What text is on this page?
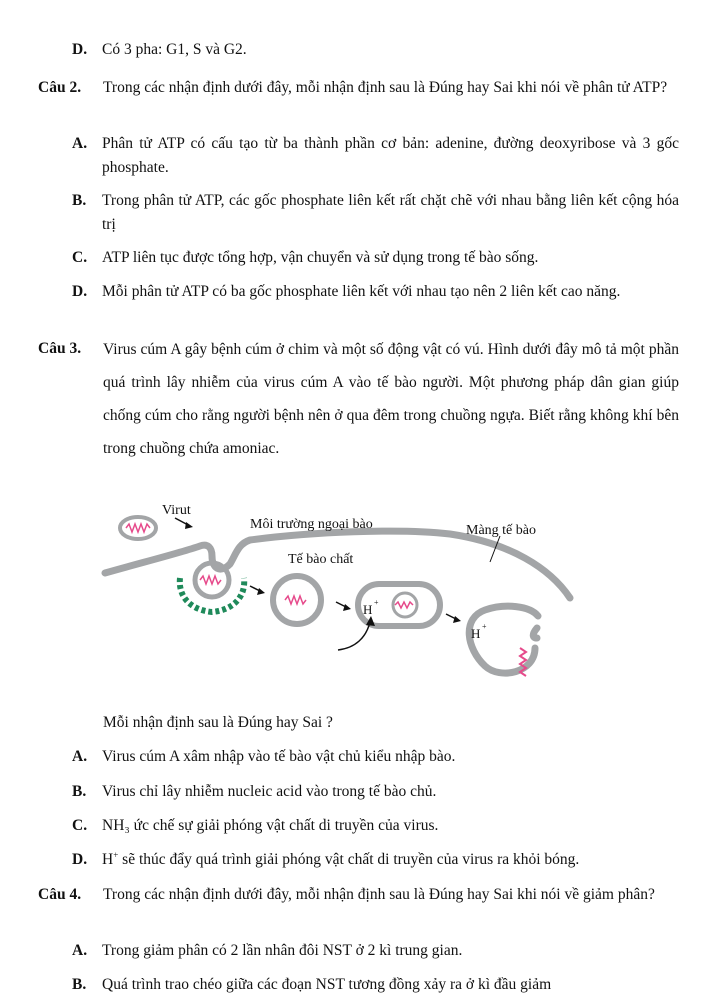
D. Có 3 pha: G1, S và G2.
Câu 2.	Trong các nhận định dưới đây, mỗi nhận định sau là Đúng hay Sai khi nói về phân tử ATP?
A. Phân tử ATP có cấu tạo từ ba thành phần cơ bản: adenine, đường deoxyribose và 3 gốc phosphate.
B.	Trong phân tử ATP, các gốc phosphate liên kết rất chặt chẽ với nhau bằng liên kết cộng hóa trị
C. ATP liên tục được tổng hợp, vận chuyển và sử dụng trong tế bào sống.
D. Mỗi phân tử ATP có ba gốc phosphate liên kết với nhau tạo nên 2 liên kết cao năng.
Câu 3.	Virus cúm A gây bệnh cúm ở chim và một số động vật có vú. Hình dưới đây mô tả một phần quá trình lây nhiễm của virus cúm A vào tế bào người. Một phương pháp dân gian giúp chống cúm cho rằng người bệnh nên ở qua đêm trong chuồng ngựa. Biết rằng không khí bên trong chuồng chứa amoniac.
H +
H +
Virut
Môi trường ngoại bào	Màng tế bào
Tế bào chất
Mỗi nhận định sau là Đúng hay Sai ?
A. Virus cúm A xâm nhập vào tế bào vật chủ kiểu nhập bào.
B.	Virus chỉ lây nhiễm nucleic acid vào trong tế bào chủ.
C. NH₃ ức chế sự giải phóng vật chất di truyền của virus.
D. H+ sẽ thúc đẩy quá trình giải phóng vật chất di truyền của virus ra khỏi bóng.
Câu 4.	Trong các nhận định dưới đây, mỗi nhận định sau là Đúng hay Sai khi nói về giảm phân?
A. Trong giảm phân có 2 lần nhân đôi NST ở 2 kì trung gian.
B.	Quá trình trao chéo giữa các đoạn NST tương đồng xảy ra ở kì đầu giảm
